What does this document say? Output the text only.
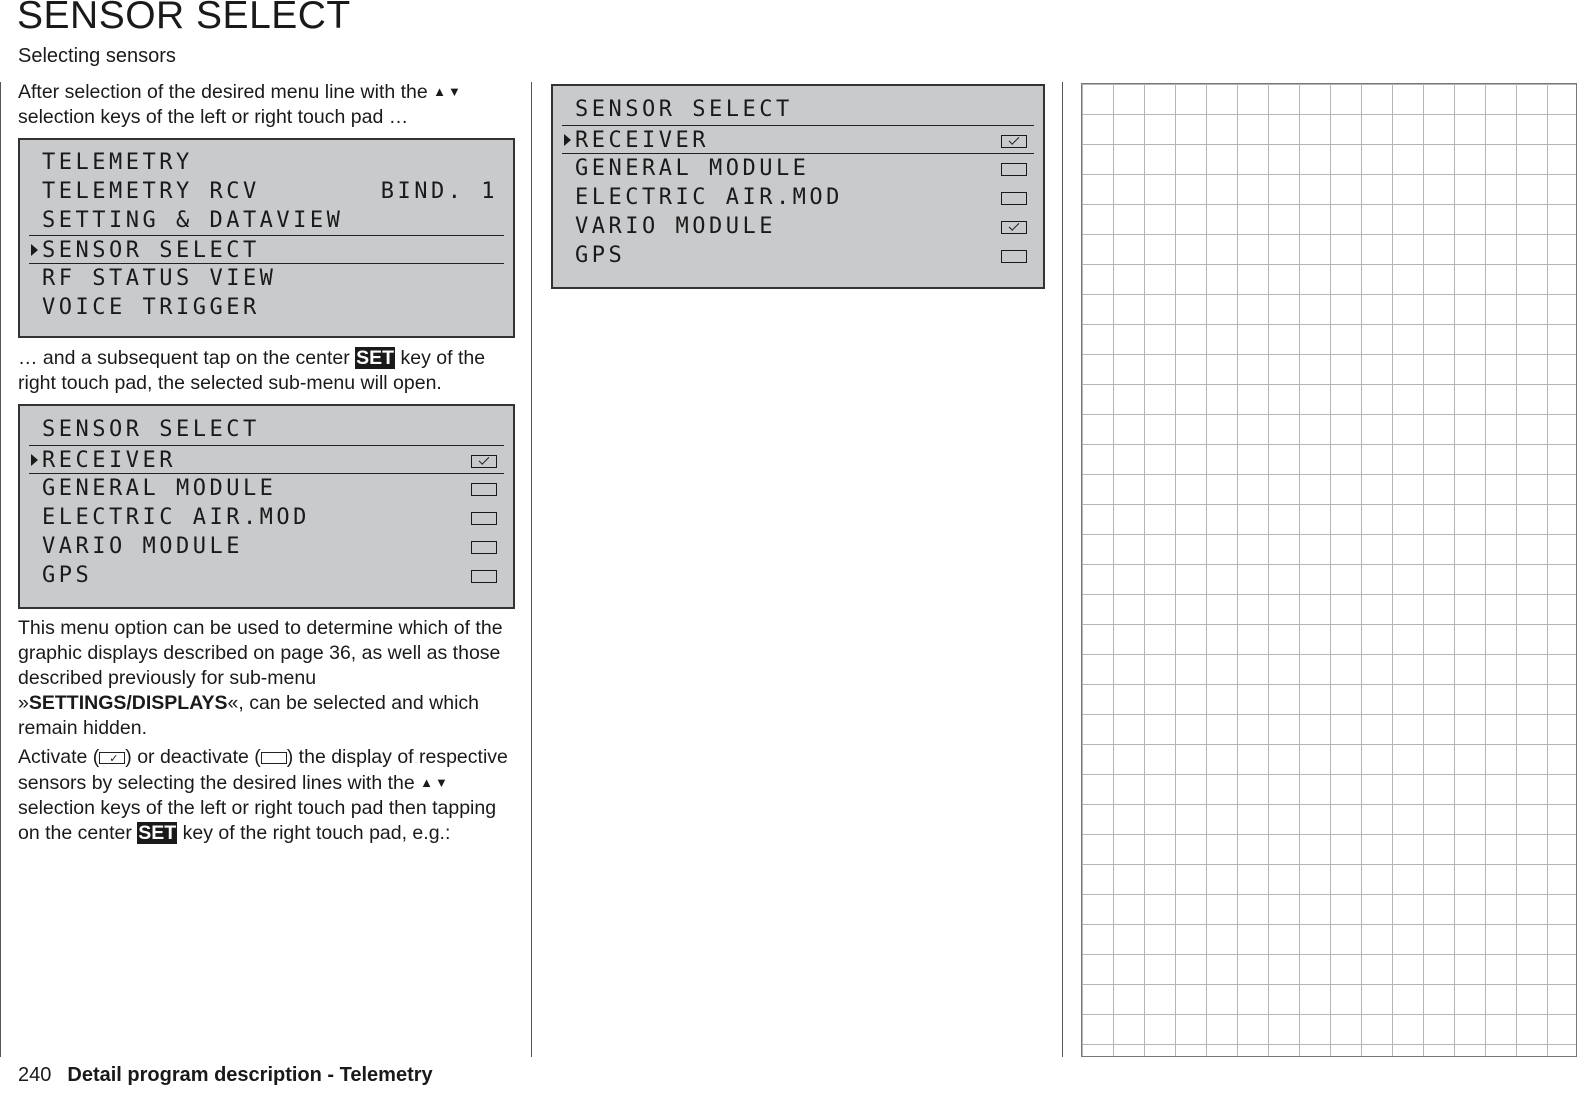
SENSOR SELECT
Selecting sensors
After selection of the desired menu line with the ▲▼
selection keys of the left or right touch pad …
TELEMETRY
TELEMETRY RCV	BIND. 1
SETTING & DATAVIEW
SENSOR SELECT
RF STATUS VIEW
VOICE TRIGGER
… and a subsequent tap on the center SET key of the right touch pad, the selected sub-menu will open.
SENSOR SELECT
RECEIVER
GENERAL MODULE
ELECTRIC AIR.MOD
VARIO MODULE
GPS
This menu option can be used to determine which of the graphic displays described on page 36, as well as those described previously for sub-menu »SETTINGS/DISPLAYS«, can be selected and which remain hidden.
Activate (✓ ) or deactivate ( ) the display of respective sensors by selecting the desired lines with the ▲▼ selection keys of the left or right touch pad then tapping on the center SET key of the right touch pad, e.g.:
SENSOR SELECT
RECEIVER
GENERAL MODULE
ELECTRIC AIR.MOD
VARIO MODULE
GPS
240 Detail program description - Telemetry
